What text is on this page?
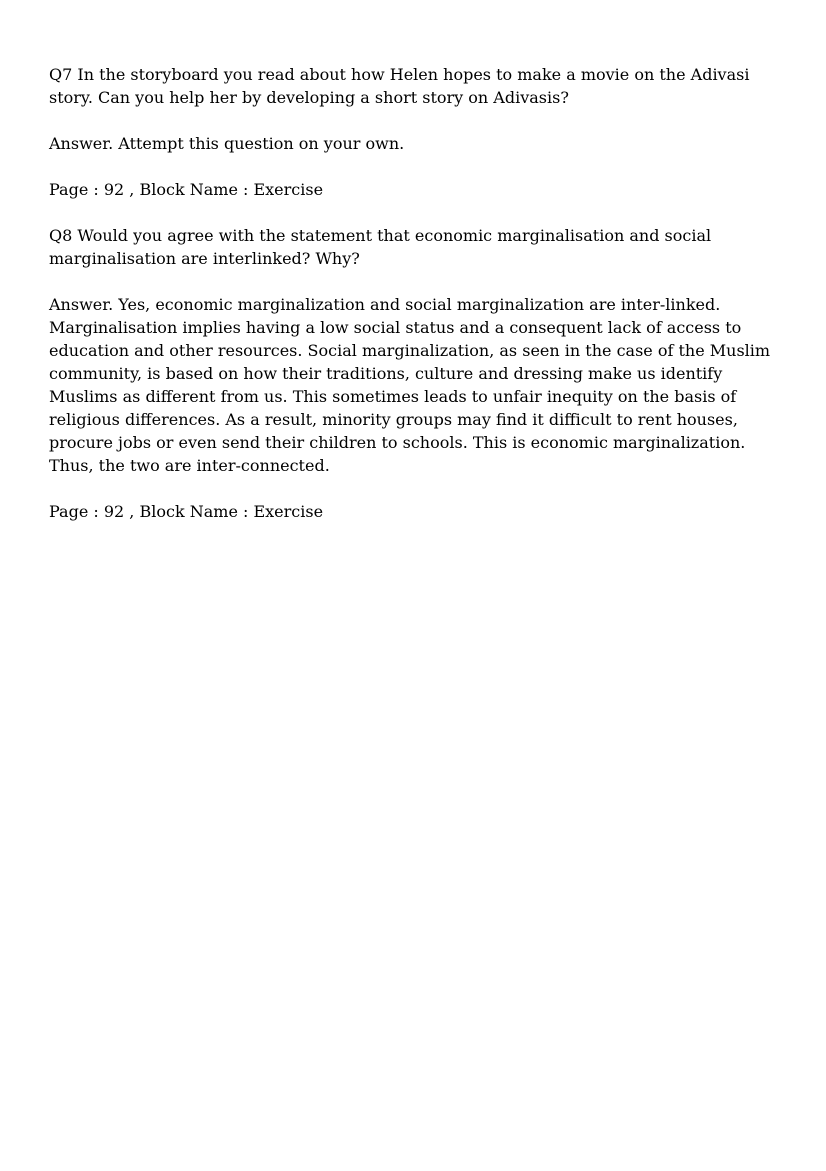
Q7 In the storyboard you read about how Helen hopes to make a movie on the Adivasi story. Can you help her by developing a short story on Adivasis?

Answer. Attempt this question on your own.

Page : 92 , Block Name : Exercise

Q8 Would you agree with the statement that economic marginalisation and social marginalisation are interlinked? Why?

Answer. Yes, economic marginalization and social marginalization are inter-linked.
Marginalisation implies having a low social status and a consequent lack of access to education and other resources. Social marginalization, as seen in the case of the Muslim community, is based on how their traditions, culture and dressing make us identify Muslims as different from us. This sometimes leads to unfair inequity on the basis of religious differences. As a result, minority groups may find it difficult to rent houses, procure jobs or even send their children to schools. This is economic marginalization. Thus, the two are inter-connected.

Page : 92 , Block Name : Exercise
